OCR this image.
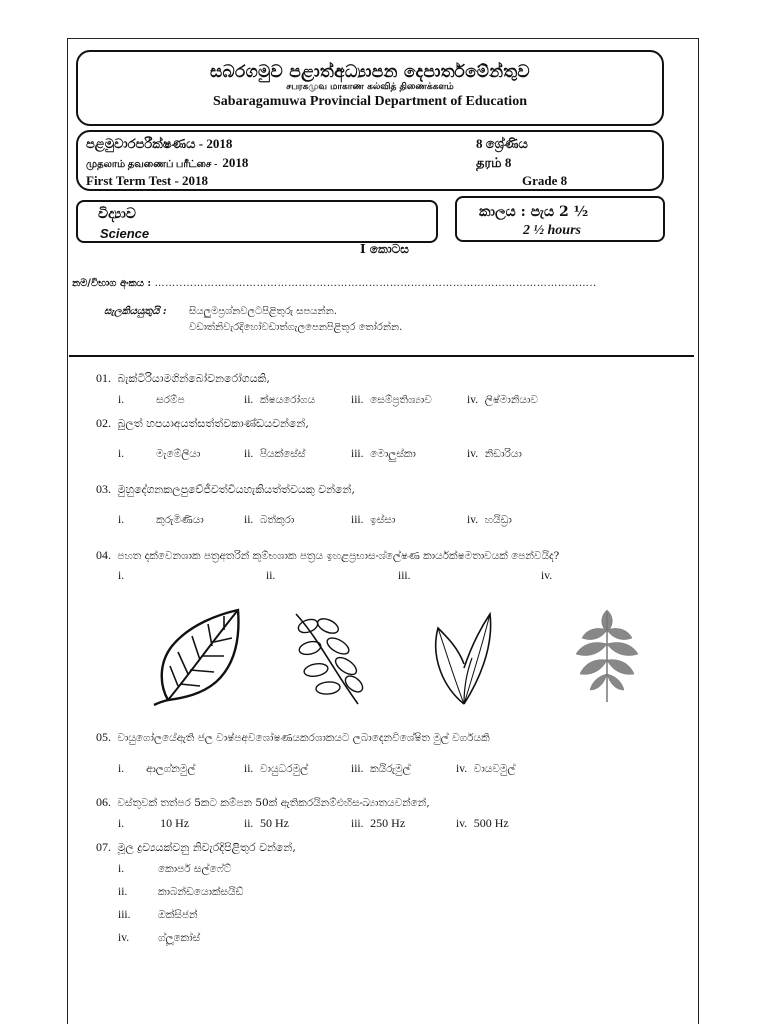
සබරගමුව පළාත්අධ්‍යාපන දෙපාර්තමේන්තුව
சபரகமுவ மாகாண கல்வித் திணைக்களம்
Sabaragamuwa Provincial Department of Education
පළමුවාරපරීක්ෂණය - 2018
முதலாம் தவணைப் பரீட்சை - 2018
First Term Test - 2018
8 ශ්‍රේණිය
தரம் 8
Grade 8
විද්‍යාව
Science
කාලය : පැය 2 ½
2 ½ hours
I කොටස
නම/විභාග අංකය : ……..………………………………..……………………………………………………………………..
සැලකියයුතුයි : සියලුමප්‍රශ්නවලටපිළිතුරු සපයන්න.
වඩාත්නිවැරදිහෝවඩාත්ගැලපෙනපිළිතුර තෝරන්න.
01. බැක්ටීරියාමගින්බෝවනරෝගයකි,
i.	සරම්ප	ii. ක්ෂයරෝගය	iii. සෙම්ප්‍රතිශ්‍යාව	iv. ලිෂ්මානියාව
02. බුලත් හපයාඅයත්සත්ත්වකාණ්ඩයවන්නේ,
i.	මැමේලියා	ii. පියක්සේස්	iii. මොලුස්කා	iv. නිඩාරියා
03. මුහුදේගනකලපුවේජීවත්වියහැකියත්ත්වයකු වන්නේ,
i.	කුරුමිණියා	ii. බත්කුරා	iii. ඉස්සා	iv. හයිඩ්‍රා
04. පහත දක්වෙනශාක පත්‍රඅතරින් කුම්භශාක පත්‍රය ඉහළප්‍රභාසංශ්ලේෂණ කාර්යක්ෂමතාවයක් පෙන්වයිද?
i.	ii.	iii.	iv.
05. වායුගෝලයේඇති ජල වාෂ්පඅවශෝෂණයකරශාකයට ලබාදෙනවිශේෂිත මුල් වර්ගයකි
i. ආලග්නමුල්	ii. වායුධරමුල්	iii. කයිරුමුල්	iv. වායවමුල්
06. වස්තුවක් තත්පර 5කට කම්පන 50ක් ඇතිකරයිනම්එහිසංඛ්‍යාතයවන්නේ,
i.	10 Hz	ii. 50 Hz	iii. 250 Hz	iv. 500 Hz
07. මූල ද්‍රව්‍යයක්වනු නිවැරදිපිළිතුර වන්නේ,
i.	කොපර් සල්ෆේට්
ii.	කාබන්ඩයොක්සයිඩ්
iii.	ඔක්සිජන්
iv.	ග්ලූකෝස්
